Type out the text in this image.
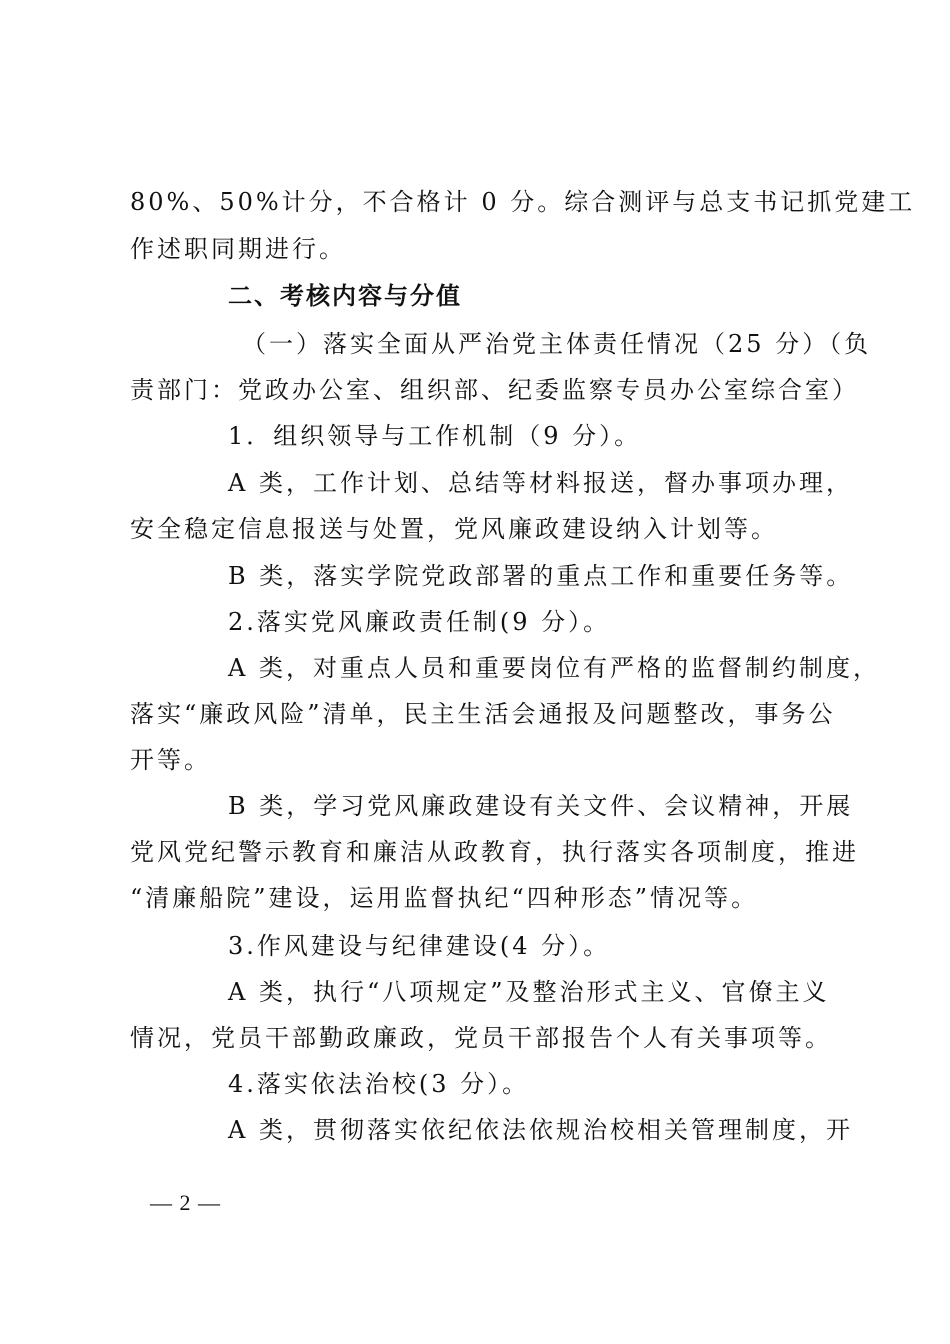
80%、50%计分，不合格计 0 分。综合测评与总支书记抓党建工
作述职同期进行。
二、考核内容与分值
（一）落实全面从严治党主体责任情况（25 分）（负
责部门：党政办公室、组织部、纪委监察专员办公室综合室）
1．组织领导与工作机制（9 分）。
A 类，工作计划、总结等材料报送，督办事项办理，
安全稳定信息报送与处置，党风廉政建设纳入计划等。
B 类，落实学院党政部署的重点工作和重要任务等。
2.落实党风廉政责任制(9 分）。
A 类，对重点人员和重要岗位有严格的监督制约制度，
落实“廉政风险”清单，民主生活会通报及问题整改，事务公
开等。
B 类，学习党风廉政建设有关文件、会议精神，开展
党风党纪警示教育和廉洁从政教育，执行落实各项制度，推进
“清廉船院”建设，运用监督执纪“四种形态”情况等。
3.作风建设与纪律建设(4 分）。
A 类，执行“八项规定”及整治形式主义、官僚主义
情况，党员干部勤政廉政，党员干部报告个人有关事项等。
4.落实依法治校(3 分）。
A 类，贯彻落实依纪依法依规治校相关管理制度，开
— 2 —
